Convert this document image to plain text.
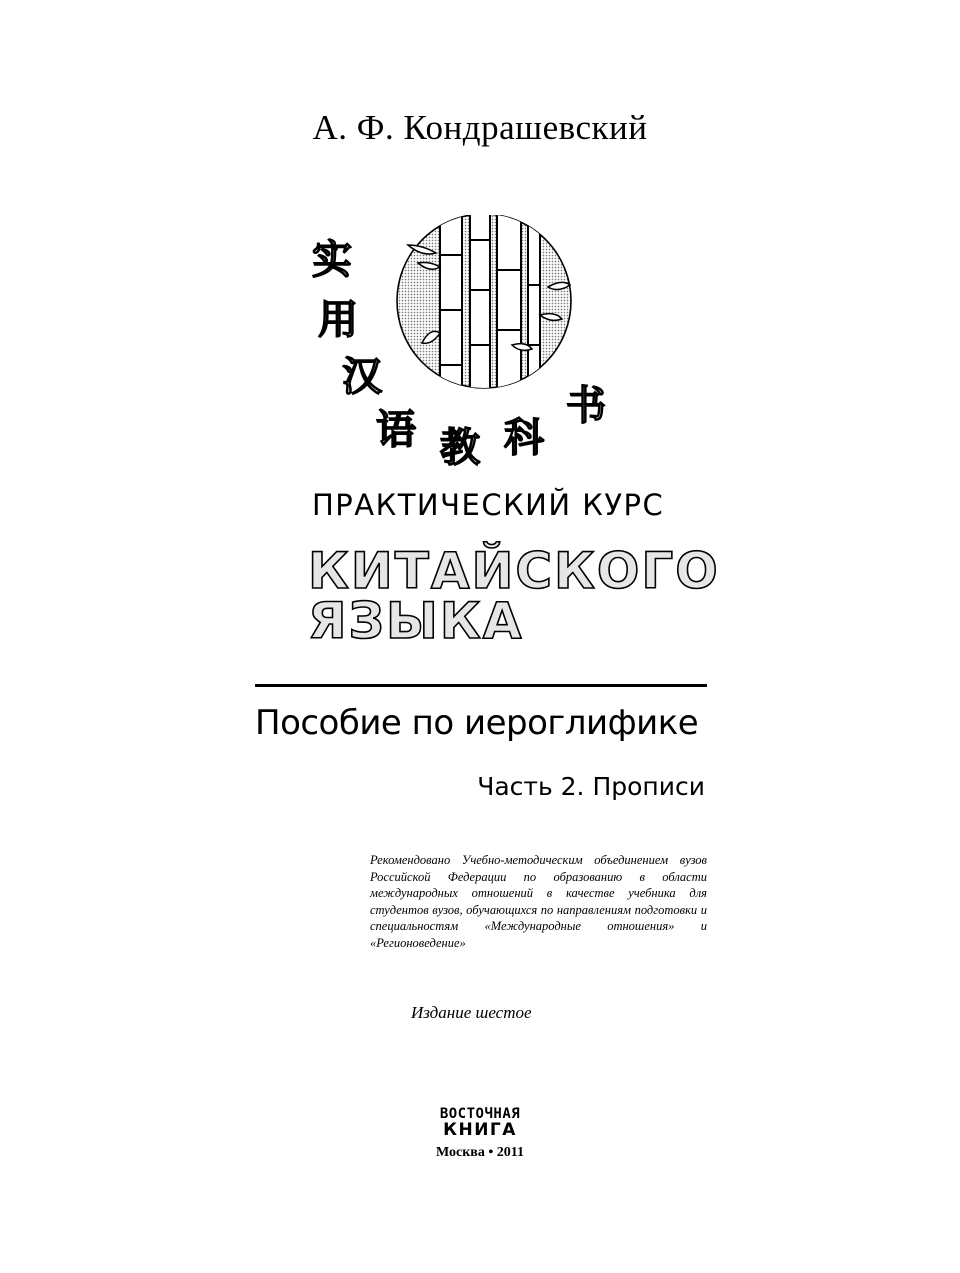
А. Ф. Кондрашевский
实
用
汉
语 教 科
书
ПРАКТИЧЕСКИЙ КУРС
КИТАЙСКОГО
ЯЗЫКА
Пособие по иероглифике
Часть 2. Прописи
Рекомендовано Учебно-методическим объединением вузов Российской Федерации по образованию в области международных отношений в качестве учебника для студентов вузов, обучающихся по направлениям подготовки и специальностям «Международные отношения» и «Регионоведение»
Издание шестое
ВОСТОЧНАЯ
КНИГА
Москва • 2011
